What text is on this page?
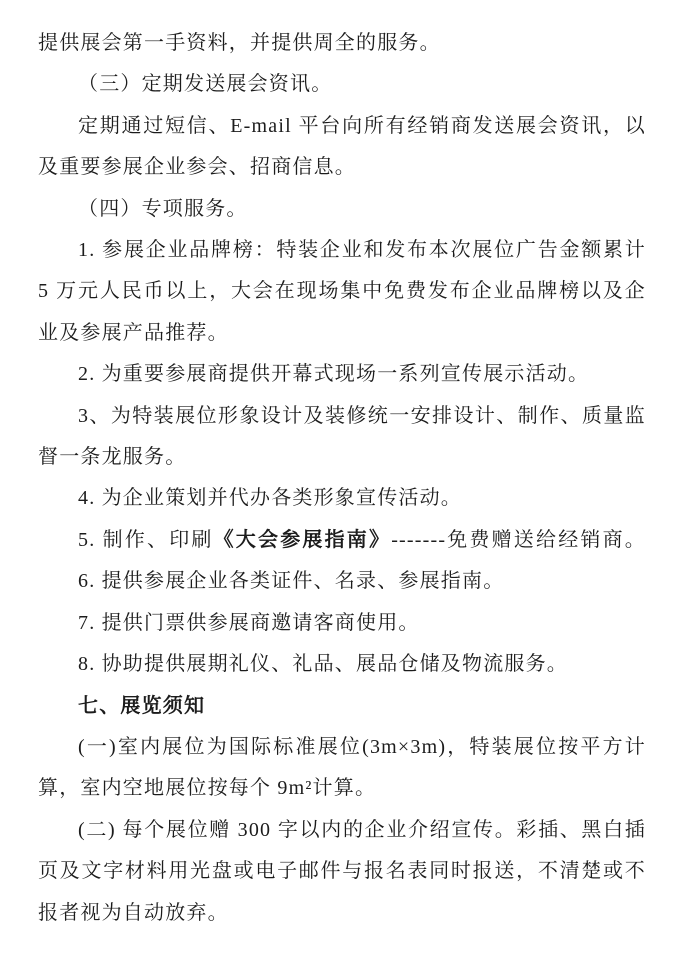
提供展会第一手资料，并提供周全的服务。
（三）定期发送展会资讯。
定期通过短信、E-mail 平台向所有经销商发送展会资讯，以
及重要参展企业参会、招商信息。
（四）专项服务。
1. 参展企业品牌榜：特装企业和发布本次展位广告金额累计
5 万元人民币以上，大会在现场集中免费发布企业品牌榜以及企
业及参展产品推荐。
2. 为重要参展商提供开幕式现场一系列宣传展示活动。
3、为特装展位形象设计及装修统一安排设计、制作、质量监
督一条龙服务。
4. 为企业策划并代办各类形象宣传活动。
5. 制作、印刷《大会参展指南》-------免费赠送给经销商。
6. 提供参展企业各类证件、名录、参展指南。
7. 提供门票供参展商邀请客商使用。
8. 协助提供展期礼仪、礼品、展品仓储及物流服务。
七、展览须知
(一)室内展位为国际标准展位(3m×3m)，特装展位按平方计
算，室内空地展位按每个 9m²计算。
(二) 每个展位赠 300 字以内的企业介绍宣传。彩插、黑白插
页及文字材料用光盘或电子邮件与报名表同时报送，不清楚或不
报者视为自动放弃。
